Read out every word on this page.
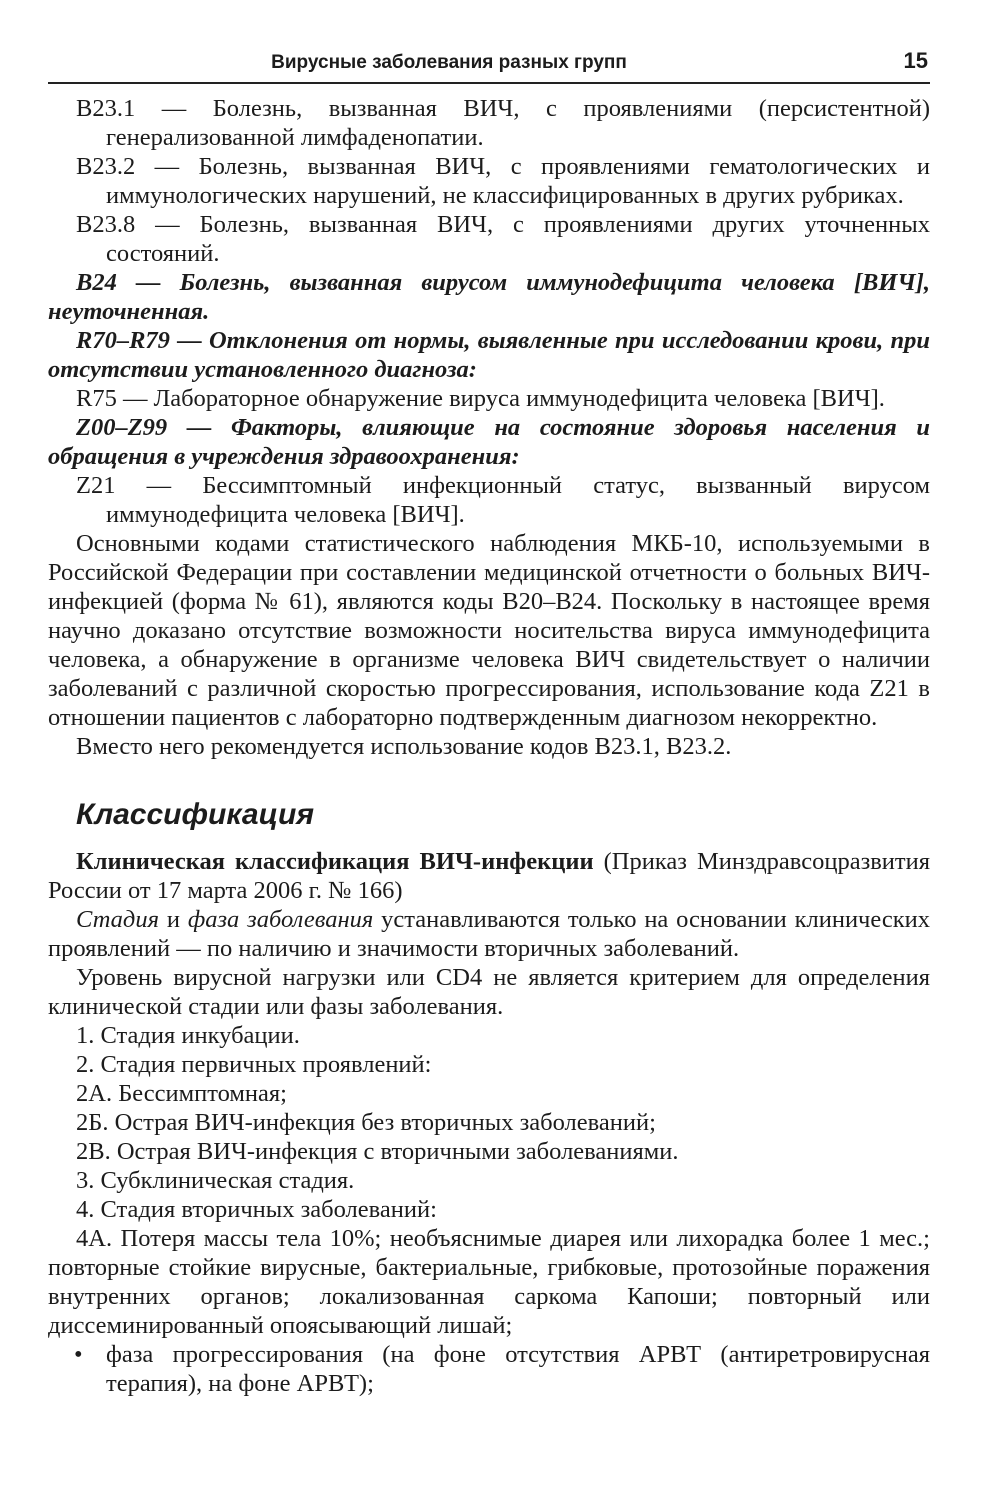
Вирусные заболевания разных групп	15

В23.1 — Болезнь, вызванная ВИЧ, с проявлениями (персистентной) генерализованной лимфаденопатии.

В23.2 — Болезнь, вызванная ВИЧ, с проявлениями гематологических и иммунологических нарушений, не классифицированных в других рубриках.

В23.8 — Болезнь, вызванная ВИЧ, с проявлениями других уточненных состояний.

В24 — Болезнь, вызванная вирусом иммунодефицита человека [ВИЧ], неуточненная.

R70–R79 — Отклонения от нормы, выявленные при исследовании крови, при отсутствии установленного диагноза:

R75 — Лабораторное обнаружение вируса иммунодефицита человека [ВИЧ].

Z00–Z99 — Факторы, влияющие на состояние здоровья населения и обращения в учреждения здравоохранения:

Z21 — Бессимптомный инфекционный статус, вызванный вирусом иммунодефицита человека [ВИЧ].

Основными кодами статистического наблюдения МКБ-10, используемыми в Российской Федерации при составлении медицинской отчетности о больных ВИЧ-инфекцией (форма № 61), являются коды B20–B24. Поскольку в настоящее время научно доказано отсутствие возможности носительства вируса иммунодефицита человека, а обнаружение в организме человека ВИЧ свидетельствует о наличии заболеваний с различной скоростью прогрессирования, использование кода Z21 в отношении пациентов с лабораторно подтвержденным диагнозом некорректно.

Вместо него рекомендуется использование кодов В23.1, В23.2.

Классификация

Клиническая классификация ВИЧ-инфекции (Приказ Минздравсоцразвития России от 17 марта 2006 г. № 166)

Стадия и фаза заболевания устанавливаются только на основании клинических проявлений — по наличию и значимости вторичных заболеваний.

Уровень вирусной нагрузки или CD4 не является критерием для определения клинической стадии или фазы заболевания.

1. Стадия инкубации.

2. Стадия первичных проявлений:

2А. Бессимптомная;

2Б. Острая ВИЧ-инфекция без вторичных заболеваний;

2В. Острая ВИЧ-инфекция с вторичными заболеваниями.

3. Субклиническая стадия.

4. Стадия вторичных заболеваний:

4А. Потеря массы тела 10%; необъяснимые диарея или лихорадка более 1 мес.; повторные стойкие вирусные, бактериальные, грибковые, протозойные поражения внутренних органов; локализованная саркома Капоши; повторный или диссеминированный опоясывающий лишай;

• фаза прогрессирования (на фоне отсутствия АРВТ (антиретровирусная терапия), на фоне АРВТ);
